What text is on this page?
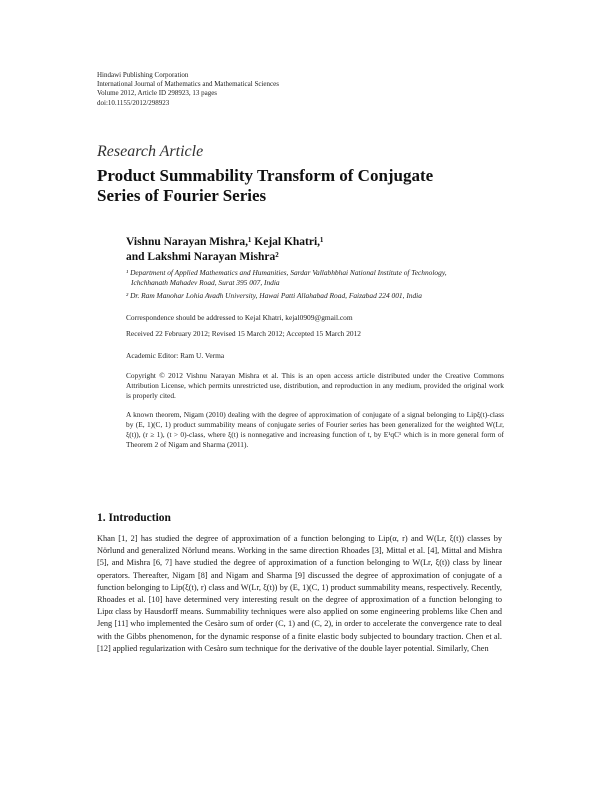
Hindawi Publishing Corporation
International Journal of Mathematics and Mathematical Sciences
Volume 2012, Article ID 298923, 13 pages
doi:10.1155/2012/298923
Research Article
Product Summability Transform of Conjugate
Series of Fourier Series
Vishnu Narayan Mishra,¹ Kejal Khatri,¹
and Lakshmi Narayan Mishra²
¹ Department of Applied Mathematics and Humanities, Sardar Vallabhbhai National Institute of Technology,
Ichchhanath Mahadev Road, Surat 395 007, India
² Dr. Ram Manohar Lohia Avadh University, Hawai Patti Allahabad Road, Faizabad 224 001, India
Correspondence should be addressed to Kejal Khatri, kejal0909@gmail.com
Received 22 February 2012; Revised 15 March 2012; Accepted 15 March 2012
Copyright © 2012 Vishnu Narayan Mishra et al. This is an open access article distributed under the Creative Commons Attribution License, which permits unrestricted use, distribution, and reproduction in any medium, provided the original work is properly cited.
Academic Editor: Ram U. Verma
A known theorem, Nigam (2010) dealing with the degree of approximation of conjugate of a signal belonging to Lipξ(t)-class by (E, 1)(C, 1) product summability means of conjugate series of Fourier series has been generalized for the weighted W(Lr, ξ(t)), (r ≥ 1), (t > 0)-class, where ξ(t) is nonnegative and increasing function of t, by E¹qC¹ which is in more general form of Theorem 2 of Nigam and Sharma (2011).
1. Introduction
Khan [1, 2] has studied the degree of approximation of a function belonging to Lip(α, r) and W(Lr, ξ(t)) classes by Nörlund and generalized Nörlund means. Working in the same direction Rhoades [3], Mittal et al. [4], Mittal and Mishra [5], and Mishra [6, 7] have studied the degree of approximation of a function belonging to W(Lr, ξ(t)) class by linear operators. Thereafter, Nigam [8] and Nigam and Sharma [9] discussed the degree of approximation of conjugate of a function belonging to Lip(ξ(t), r) class and W(Lr, ξ(t)) by (E, 1)(C, 1) product summability means, respectively. Recently, Rhoades et al. [10] have determined very interesting result on the degree of approximation of a function belonging to Lipα class by Hausdorff means. Summability techniques were also applied on some engineering problems like Chen and Jeng [11] who implemented the Cesàro sum of order (C, 1) and (C, 2), in order to accelerate the convergence rate to deal with the Gibbs phenomenon, for the dynamic response of a finite elastic body subjected to boundary traction. Chen et al. [12] applied regularization with Cesàro sum technique for the derivative of the double layer potential. Similarly, Chen
